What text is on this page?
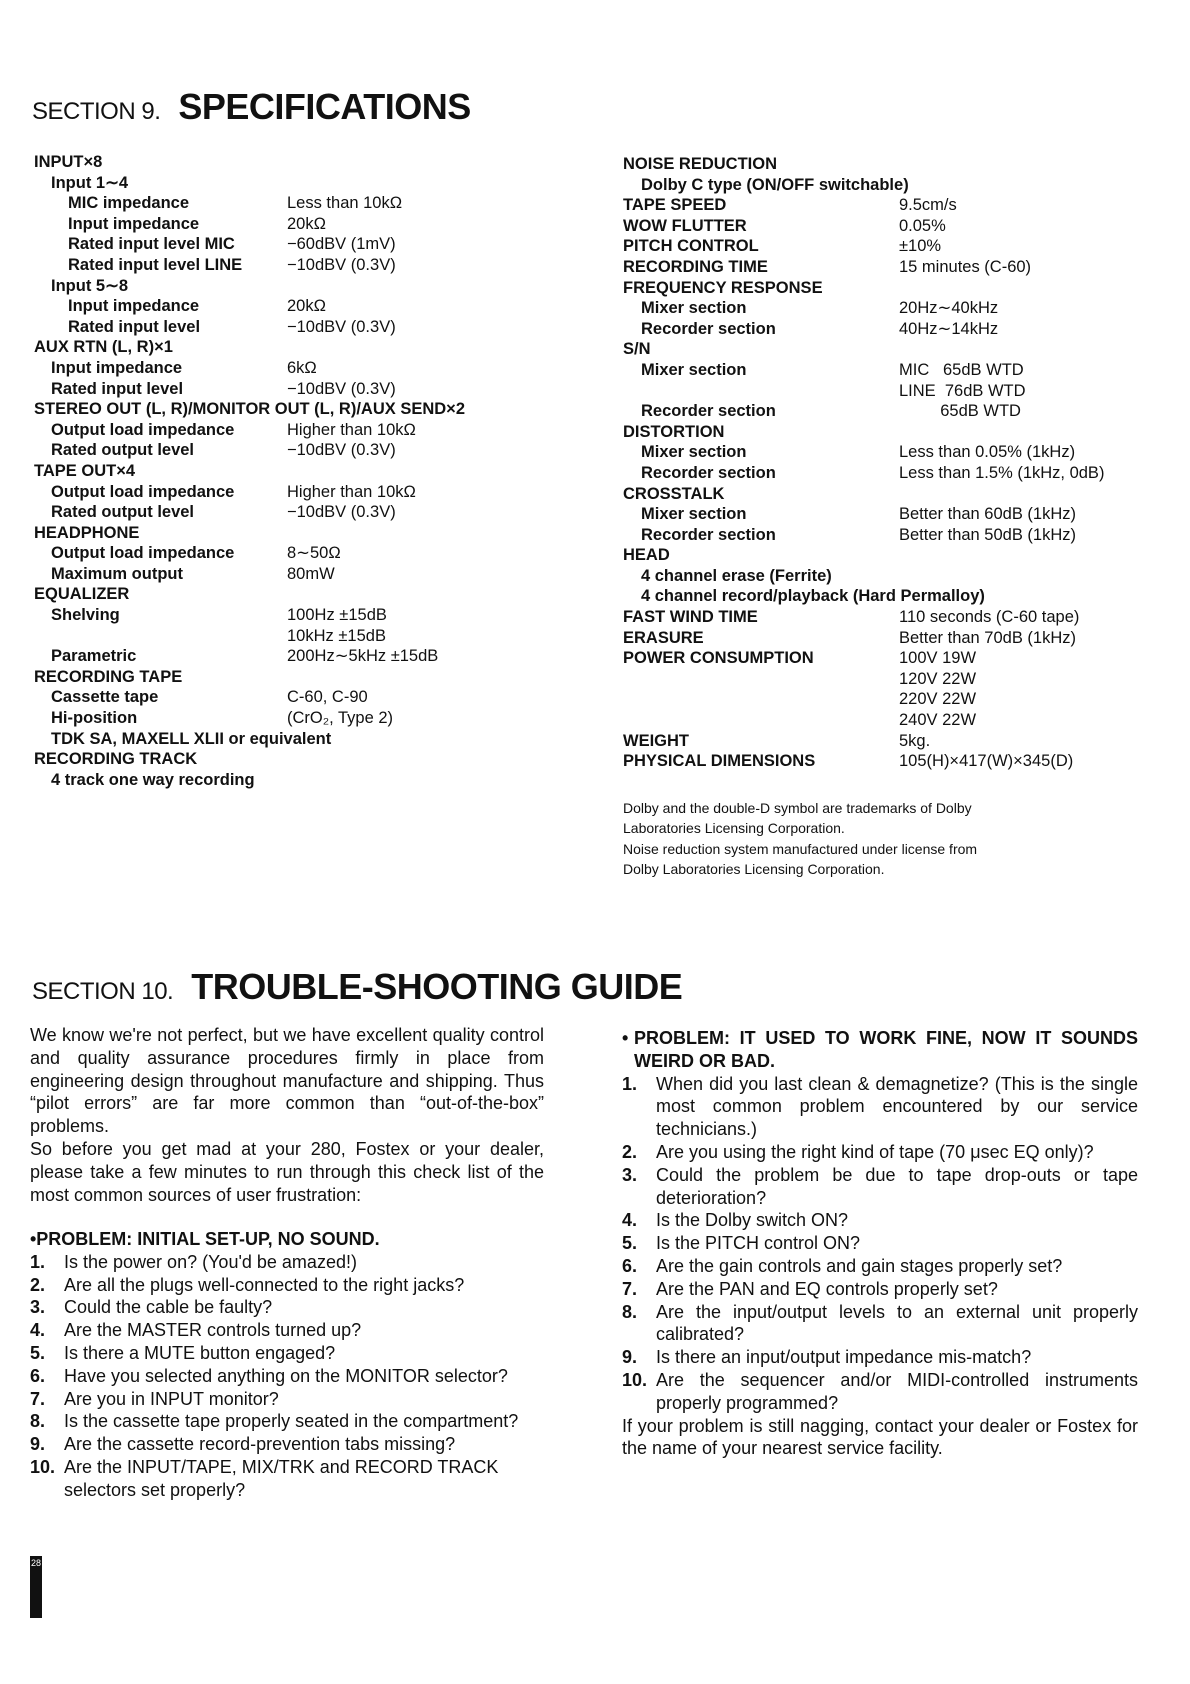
SECTION 9. SPECIFICATIONS
INPUT×8
Input 1∼4
MIC impedance	Less than 10kΩ
Input impedance	20kΩ
Rated input level MIC	−60dBV (1mV)
Rated input level LINE	−10dBV (0.3V)
Input 5∼8
Input impedance	20kΩ
Rated input level	−10dBV (0.3V)
AUX RTN (L, R)×1
Input impedance	6kΩ
Rated input level	−10dBV (0.3V)
STEREO OUT (L, R)/MONITOR OUT (L, R)/AUX SEND×2
Output load impedance	Higher than 10kΩ
Rated output level	−10dBV (0.3V)
TAPE OUT×4
Output load impedance	Higher than 10kΩ
Rated output level	−10dBV (0.3V)
HEADPHONE
Output load impedance	8∼50Ω
Maximum output	80mW
EQUALIZER
Shelving	100Hz ±15dB
10kHz ±15dB
Parametric	200Hz∼5kHz ±15dB
RECORDING TAPE
Cassette tape	C-60, C-90
Hi-position	(CrO₂, Type 2)
TDK SA, MAXELL XLII or equivalent
RECORDING TRACK
4 track one way recording
NOISE REDUCTION
Dolby C type (ON/OFF switchable)
TAPE SPEED	9.5cm/s
WOW FLUTTER	0.05%
PITCH CONTROL	±10%
RECORDING TIME	15 minutes (C-60)
FREQUENCY RESPONSE
Mixer section	20Hz∼40kHz
Recorder section	40Hz∼14kHz
S/N
Mixer section	MIC   65dB WTD
LINE  76dB WTD
Recorder section	65dB WTD
DISTORTION
Mixer section	Less than 0.05% (1kHz)
Recorder section	Less than 1.5% (1kHz, 0dB)
CROSSTALK
Mixer section	Better than 60dB (1kHz)
Recorder section	Better than 50dB (1kHz)
HEAD
4 channel erase (Ferrite)
4 channel record/playback (Hard Permalloy)
FAST WIND TIME	110 seconds (C-60 tape)
ERASURE	Better than 70dB (1kHz)
POWER CONSUMPTION	100V 19W
120V 22W
220V 22W
240V 22W
WEIGHT	5kg.
PHYSICAL DIMENSIONS	105(H)×417(W)×345(D)
Dolby and the double-D symbol are trademarks of Dolby
Laboratories Licensing Corporation.
Noise reduction system manufactured under license from
Dolby Laboratories Licensing Corporation.
SECTION 10. TROUBLE-SHOOTING GUIDE

We know we're not perfect, but we have excellent quality control and quality assurance procedures firmly in place from engineering design throughout manufacture and shipping. Thus “pilot errors” are far more common than “out-of-the-box” problems.

So before you get mad at your 280, Fostex or your dealer, please take a few minutes to run through this check list of the most common sources of user frustration:

•PROBLEM: INITIAL SET-UP, NO SOUND.
1.	Is the power on? (You'd be amazed!)
2.	Are all the plugs well-connected to the right jacks?
3.	Could the cable be faulty?
4.	Are the MASTER controls turned up?
5.	Is there a MUTE button engaged?
6.	Have you selected anything on the MONITOR selector?
7.	Are you in INPUT monitor?
8.	Is the cassette tape properly seated in the compartment?
9.	Are the cassette record-prevention tabs missing?
10. Are the INPUT/TAPE, MIX/TRK and RECORD TRACK selectors set properly?
• PROBLEM: IT USED TO WORK FINE, NOW IT SOUNDS WEIRD OR BAD.
1.	When did you last clean & demagnetize? (This is the single most common problem encountered by our service technicians.)
2.	Are you using the right kind of tape (70 μsec EQ only)?
3.	Could the problem be due to tape drop-outs or tape deterioration?
4.	Is the Dolby switch ON?
5.	Is the PITCH control ON?
6.	Are the gain controls and gain stages properly set?
7.	Are the PAN and EQ controls properly set?
8.	Are the input/output levels to an external unit properly calibrated?
9.	Is there an input/output impedance mis-match?
10. Are the sequencer and/or MIDI-controlled instruments properly programmed?
If your problem is still nagging, contact your dealer or Fostex for the name of your nearest service facility.
28
